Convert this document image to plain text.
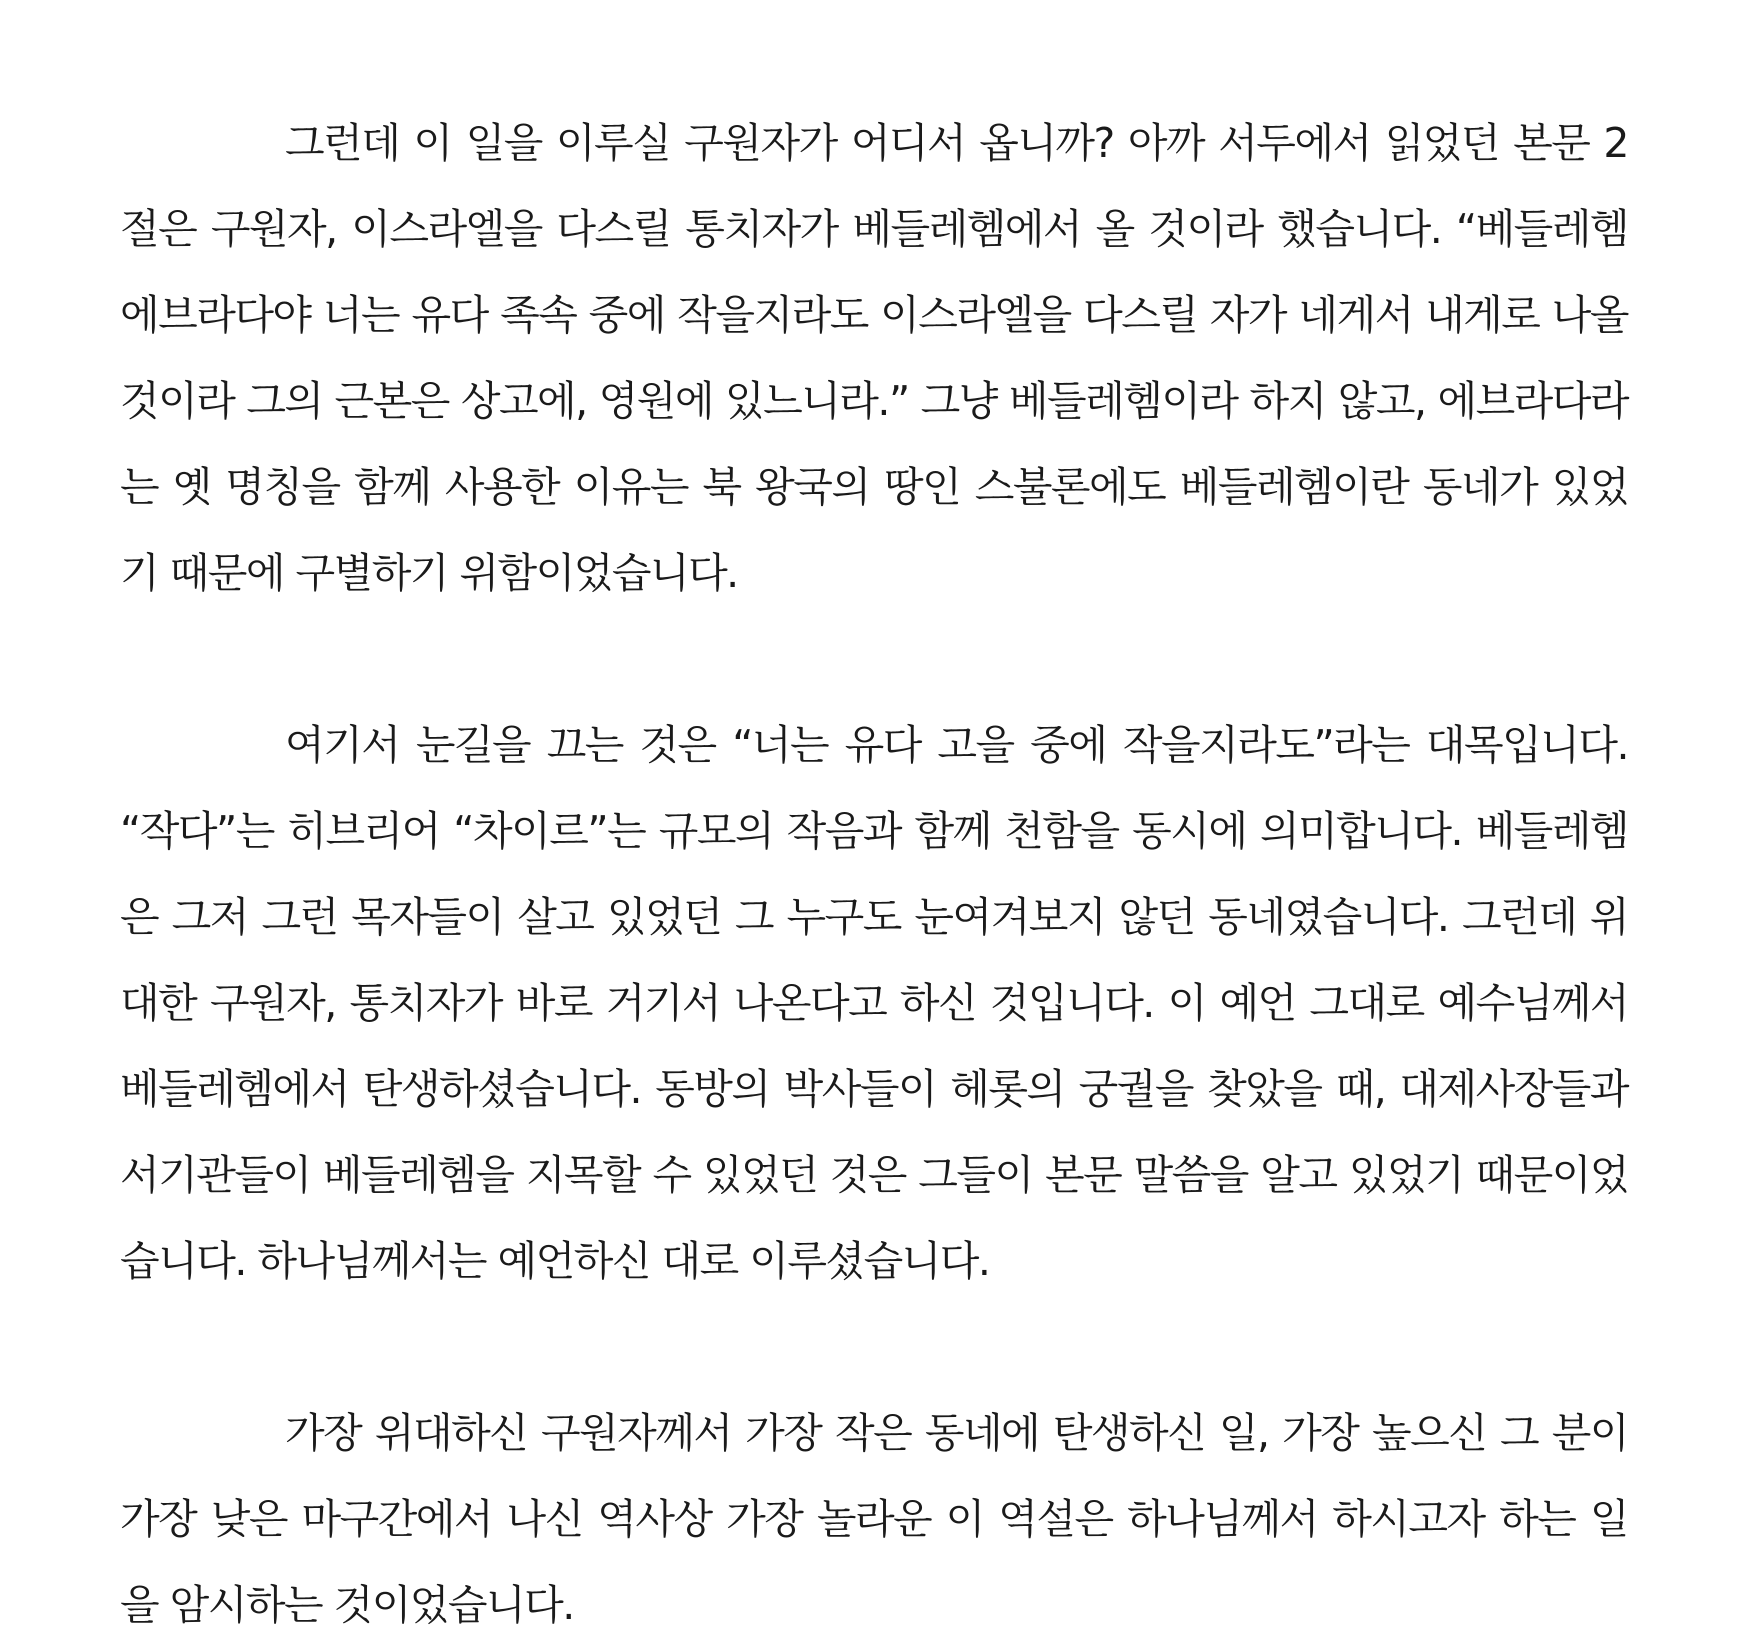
그런데 이 일을 이루실 구원자가 어디서 옵니까? 아까 서두에서 읽었던 본문 2절은 구원자, 이스라엘을 다스릴 통치자가 베들레헴에서 올 것이라 했습니다. “베들레헴 에브라다야 너는 유다 족속 중에 작을지라도 이스라엘을 다스릴 자가 네게서 내게로 나올 것이라 그의 근본은 상고에, 영원에 있느니라.” 그냥 베들레헴이라 하지 않고, 에브라다라는 옛 명칭을 함께 사용한 이유는 북 왕국의 땅인 스불론에도 베들레헴이란 동네가 있었기 때문에 구별하기 위함이었습니다.

여기서 눈길을 끄는 것은 “너는 유다 고을 중에 작을지라도”라는 대목입니다. “작다”는 히브리어 “차이르”는 규모의 작음과 함께 천함을 동시에 의미합니다. 베들레헴은 그저 그런 목자들이 살고 있었던 그 누구도 눈여겨보지 않던 동네였습니다. 그런데 위대한 구원자, 통치자가 바로 거기서 나온다고 하신 것입니다. 이 예언 그대로 예수님께서 베들레헴에서 탄생하셨습니다. 동방의 박사들이 헤롯의 궁궐을 찾았을 때, 대제사장들과 서기관들이 베들레헴을 지목할 수 있었던 것은 그들이 본문 말씀을 알고 있었기 때문이었습니다. 하나님께서는 예언하신 대로 이루셨습니다.

가장 위대하신 구원자께서 가장 작은 동네에 탄생하신 일, 가장 높으신 그 분이 가장 낮은 마구간에서 나신 역사상 가장 놀라운 이 역설은 하나님께서 하시고자 하는 일을 암시하는 것이었습니다.
